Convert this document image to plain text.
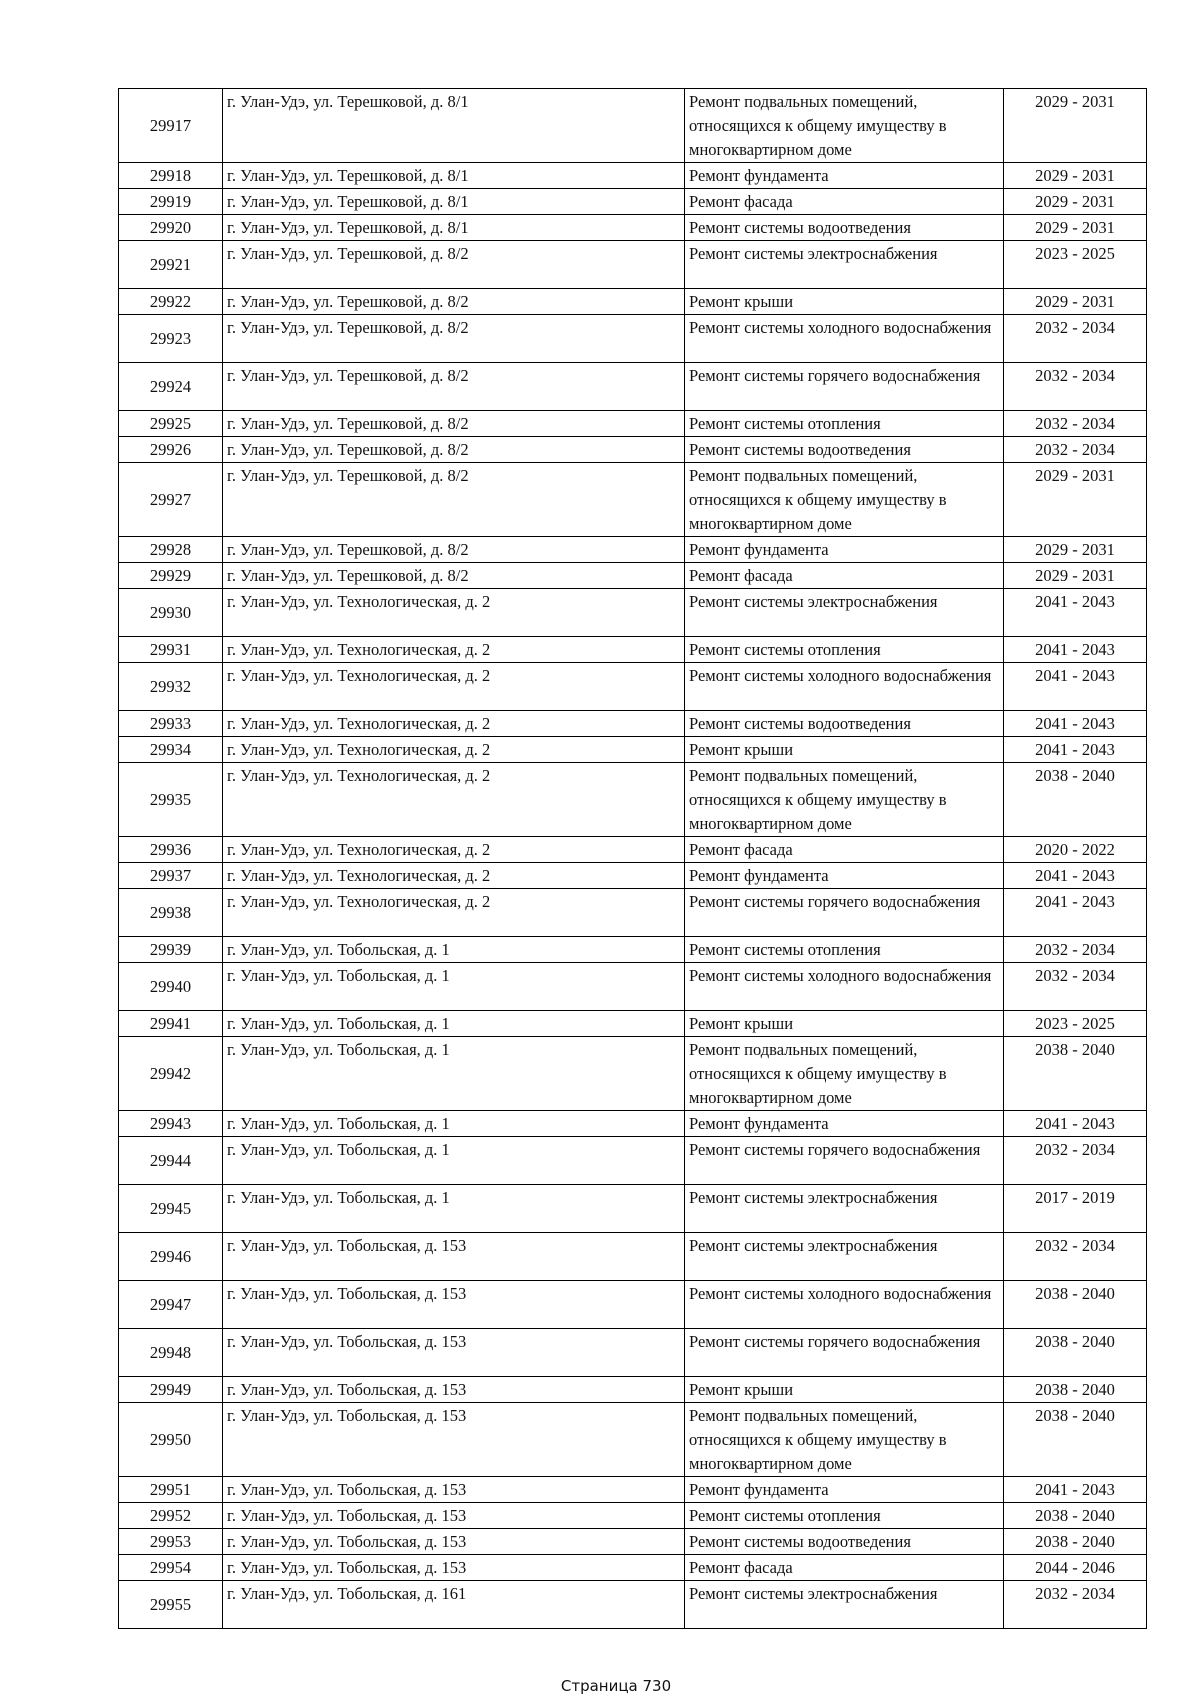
29917	г. Улан-Удэ, ул. Терешковой, д. 8/1	Ремонт подвальных помещений, относящихся к общему имуществу в многоквартирном доме	2029 - 2031
29918	г. Улан-Удэ, ул. Терешковой, д. 8/1	Ремонт фундамента	2029 - 2031
29919	г. Улан-Удэ, ул. Терешковой, д. 8/1	Ремонт фасада	2029 - 2031
29920	г. Улан-Удэ, ул. Терешковой, д. 8/1	Ремонт системы водоотведения	2029 - 2031
29921	г. Улан-Удэ, ул. Терешковой, д. 8/2	Ремонт системы электроснабжения	2023 - 2025
29922	г. Улан-Удэ, ул. Терешковой, д. 8/2	Ремонт крыши	2029 - 2031
29923	г. Улан-Удэ, ул. Терешковой, д. 8/2	Ремонт системы холодного водоснабжения	2032 - 2034
29924	г. Улан-Удэ, ул. Терешковой, д. 8/2	Ремонт системы горячего водоснабжения	2032 - 2034
29925	г. Улан-Удэ, ул. Терешковой, д. 8/2	Ремонт системы отопления	2032 - 2034
29926	г. Улан-Удэ, ул. Терешковой, д. 8/2	Ремонт системы водоотведения	2032 - 2034
29927	г. Улан-Удэ, ул. Терешковой, д. 8/2	Ремонт подвальных помещений, относящихся к общему имуществу в многоквартирном доме	2029 - 2031
29928	г. Улан-Удэ, ул. Терешковой, д. 8/2	Ремонт фундамента	2029 - 2031
29929	г. Улан-Удэ, ул. Терешковой, д. 8/2	Ремонт фасада	2029 - 2031
29930	г. Улан-Удэ, ул. Технологическая, д. 2	Ремонт системы электроснабжения	2041 - 2043
29931	г. Улан-Удэ, ул. Технологическая, д. 2	Ремонт системы отопления	2041 - 2043
29932	г. Улан-Удэ, ул. Технологическая, д. 2	Ремонт системы холодного водоснабжения	2041 - 2043
29933	г. Улан-Удэ, ул. Технологическая, д. 2	Ремонт системы водоотведения	2041 - 2043
29934	г. Улан-Удэ, ул. Технологическая, д. 2	Ремонт крыши	2041 - 2043
29935	г. Улан-Удэ, ул. Технологическая, д. 2	Ремонт подвальных помещений, относящихся к общему имуществу в многоквартирном доме	2038 - 2040
29936	г. Улан-Удэ, ул. Технологическая, д. 2	Ремонт фасада	2020 - 2022
29937	г. Улан-Удэ, ул. Технологическая, д. 2	Ремонт фундамента	2041 - 2043
29938	г. Улан-Удэ, ул. Технологическая, д. 2	Ремонт системы горячего водоснабжения	2041 - 2043
29939	г. Улан-Удэ, ул. Тобольская, д. 1	Ремонт системы отопления	2032 - 2034
29940	г. Улан-Удэ, ул. Тобольская, д. 1	Ремонт системы холодного водоснабжения	2032 - 2034
29941	г. Улан-Удэ, ул. Тобольская, д. 1	Ремонт крыши	2023 - 2025
29942	г. Улан-Удэ, ул. Тобольская, д. 1	Ремонт подвальных помещений, относящихся к общему имуществу в многоквартирном доме	2038 - 2040
29943	г. Улан-Удэ, ул. Тобольская, д. 1	Ремонт фундамента	2041 - 2043
29944	г. Улан-Удэ, ул. Тобольская, д. 1	Ремонт системы горячего водоснабжения	2032 - 2034
29945	г. Улан-Удэ, ул. Тобольская, д. 1	Ремонт системы электроснабжения	2017 - 2019
29946	г. Улан-Удэ, ул. Тобольская, д. 153	Ремонт системы электроснабжения	2032 - 2034
29947	г. Улан-Удэ, ул. Тобольская, д. 153	Ремонт системы холодного водоснабжения	2038 - 2040
29948	г. Улан-Удэ, ул. Тобольская, д. 153	Ремонт системы горячего водоснабжения	2038 - 2040
29949	г. Улан-Удэ, ул. Тобольская, д. 153	Ремонт крыши	2038 - 2040
29950	г. Улан-Удэ, ул. Тобольская, д. 153	Ремонт подвальных помещений, относящихся к общему имуществу в многоквартирном доме	2038 - 2040
29951	г. Улан-Удэ, ул. Тобольская, д. 153	Ремонт фундамента	2041 - 2043
29952	г. Улан-Удэ, ул. Тобольская, д. 153	Ремонт системы отопления	2038 - 2040
29953	г. Улан-Удэ, ул. Тобольская, д. 153	Ремонт системы водоотведения	2038 - 2040
29954	г. Улан-Удэ, ул. Тобольская, д. 153	Ремонт фасада	2044 - 2046
29955	г. Улан-Удэ, ул. Тобольская, д. 161	Ремонт системы электроснабжения	2032 - 2034
Страница 730
